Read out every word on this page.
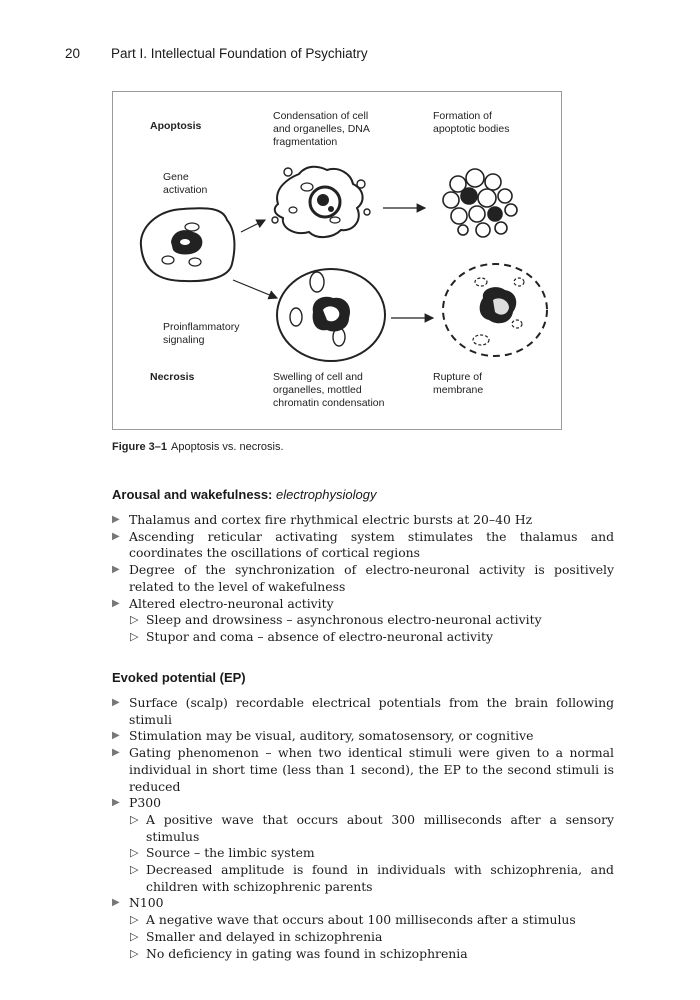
20 Part I. Intellectual Foundation of Psychiatry
Apoptosis
Condensation of cell
and organelles, DNA
fragmentation
Formation of
apoptotic bodies
Gene
activation
Proinflammatory
signaling
Necrosis	Swelling of cell and
organelles, mottled
chromatin condensation
Rupture of
membrane
Figure 3–1 Apoptosis vs. necrosis.
Arousal and wakefulness: electrophysiology
▶ Thalamus and cortex fire rhythmical electric bursts at 20–40 Hz
▶ Ascending reticular activating system stimulates the thalamus and coordinates the oscillations of cortical regions
▶ Degree of the synchronization of electro-neuronal activity is positively related to the level of wakefulness
▶ Altered electro-neuronal activity
▷ Sleep and drowsiness – asynchronous electro-neuronal activity
▷ Stupor and coma – absence of electro-neuronal activity
Evoked potential (EP)
▶ Surface (scalp) recordable electrical potentials from the brain following stimuli
▶ Stimulation may be visual, auditory, somatosensory, or cognitive
▶ Gating phenomenon – when two identical stimuli were given to a normal individual in short time (less than 1 second), the EP to the second stimuli is reduced
▶ P300
▷ A positive wave that occurs about 300 milliseconds after a sensory stimulus
▷ Source – the limbic system
▷ Decreased amplitude is found in individuals with schizophrenia, and children with schizophrenic parents
▶ N100
▷ A negative wave that occurs about 100 milliseconds after a stimulus
▷ Smaller and delayed in schizophrenia
▷ No deficiency in gating was found in schizophrenia
